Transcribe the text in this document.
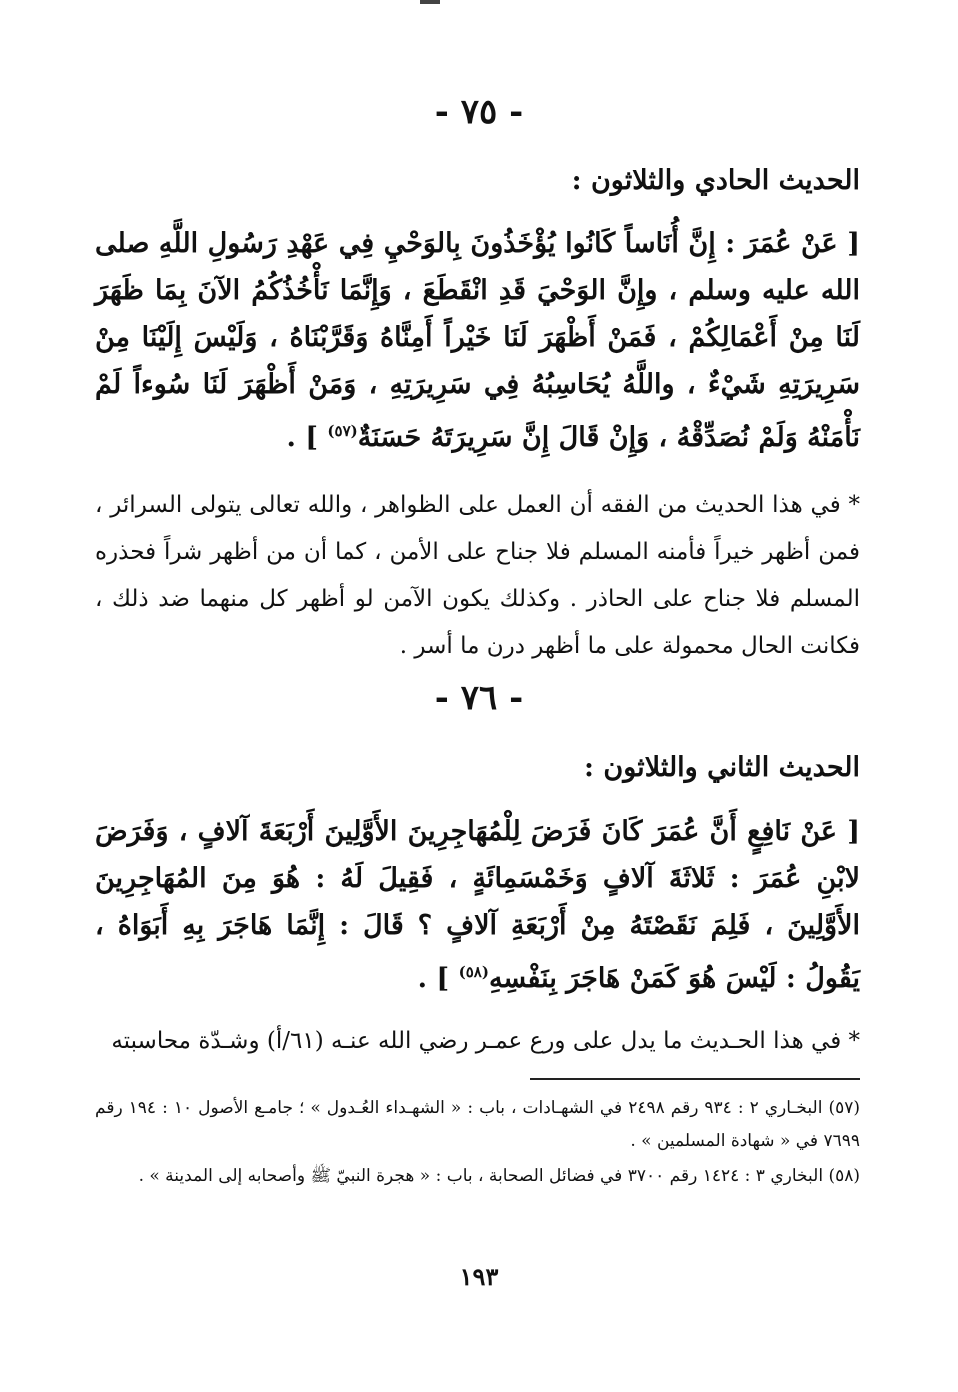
- ٧٥ -
الحديث الحادي والثلاثون :

[ عَنْ عُمَرَ : إِنَّ أُنَاساً كَانُوا يُؤْخَذُونَ بِالوَحْيِ فِي عَهْدِ رَسُولِ اللَّهِ صلى الله عليه وسلم ، وإِنَّ الوَحْيَ قَدِ انْقَطَعَ ، وَإِنَّمَا نَأْخُذُكُمُ الآنَ بِمَا ظَهَرَ لَنَا مِنْ أَعْمَالِكُمْ ، فَمَنْ أَظْهَرَ لَنَا خَيْراً أَمِنَّاهُ وَقَرَّبْنَاهُ ، وَلَيْسَ إِلَيْنَا مِنْ سَرِيرَتِهِ شَيْءٌ ، واللَّهُ يُحَاسِبُهُ فِي سَرِيرَتِهِ ، وَمَنْ أَظْهَرَ لَنَا سُوءاً لَمْ نَأْمَنْهُ وَلَمْ نُصَدِّقْهُ ، وَإِنْ قَالَ إِنَّ سَرِيرَتَهُ حَسَنَةٌ$^{(٥٧)}$ ] .

* في هذا الحديث من الفقه أن العمل على الظواهر ، والله تعالى يتولى السرائر ، فمن أظهر خيراً فأمنه المسلم فلا جناح على الأمن ، كما أن من أظهر شراً فحذره المسلم فلا جناح على الحاذر . وكذلك يكون الآمن لو أظهر كل منهما ضد ذلك ، فكانت الحال محمولة على ما أظهر درن ما أسر .

- ٧٦ -
الحديث الثاني والثلاثون :

[ عَنْ نَافِعٍ أَنَّ عُمَرَ كَانَ فَرَضَ لِلْمُهَاجِرِينَ الأَوَّلِينَ أَرْبَعَةَ آلافٍ ، وَفَرَضَ لابْنِ عُمَرَ : ثَلاثَةَ آلافٍ وَخَمْسَمِائَةٍ ، فَقِيلَ لَهُ : هُوَ مِنَ المُهَاجِرِينَ الأَوَّلِينَ ، فَلِمَ نَقَصْتَهُ مِنْ أَرْبَعَةِ آلافٍ ؟ قَالَ : إِنَّمَا هَاجَرَ بِهِ أَبَوَاهُ ، يَقُولُ : لَيْسَ هُوَ كَمَنْ هَاجَرَ بِنَفْسِهِ$^{(٥٨)}$ ] .

* في هذا الحـديث ما يدل على ورع عمـر رضي الله عنـه (٦١/أ) وشـدّة محاسبته

(٥٧) البخـاري ٢ : ٩٣٤ رقم ٢٤٩٨ في الشهـادات ، باب : « الشهـداء العُـدول » ؛ جامـع الأصول ١٠ : ١٩٤ رقم ٧٦٩٩ في « شهادة المسلمين » .

(٥٨) البخاري ٣ : ١٤٢٤ رقم ٣٧٠٠ في فضائل الصحابة ، باب : « هجرة النبيّ ﷺ وأصحابه إلى المدينة » .

١٩٣
